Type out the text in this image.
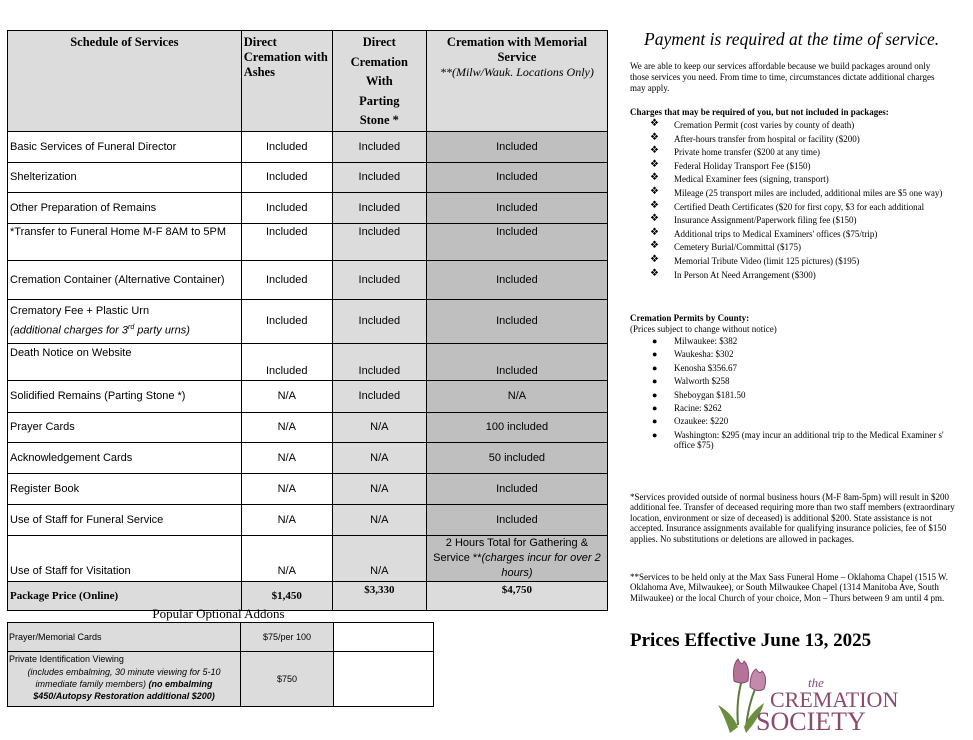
Schedule of Services	Direct Cremation with Ashes	Direct
Cremation
With
Parting
Stone *	Cremation with Memorial Service
**(Milw/Wauk. Locations Only)
Basic Services of Funeral Director	Included	Included	Included
Shelterization	Included	Included	Included
Other Preparation of Remains	Included	Included	Included
*Transfer to Funeral Home M-F 8AM to 5PM	Included	Included	Included
Cremation Container (Alternative Container)	Included	Included	Included

Crematory Fee + Plastic Urn
(additional charges for 3rd party urns)	Included	Included	Included
Death Notice on Website	Included	Included	Included
Solidified Remains (Parting Stone *)	N/A	Included	N/A
Prayer Cards	N/A	N/A	100 included
Acknowledgement Cards	N/A	N/A	50 included
Register Book	N/A	N/A	Included
Use of Staff for Funeral Service	N/A	N/A	Included
Use of Staff for Visitation	N/A	N/A	2 Hours Total for Gathering & Service **(charges incur for over 2 hours)
Package Price (Online)	$1,450	$3,330	$4,750
Popular Optional Addons
Prayer/Memorial Cards	$75/per 100	

Private Identification Viewing
(includes embalming, 30 minute viewing for 5-10 immediate family members) (no embalming $450/Autopsy Restoration additional $200)	$750	
Payment is required at the time of service.
We are able to keep our services affordable because we build packages around only those services you need. From time to time, circumstances dictate additional charges may apply.
Charges that may be required of you, but not included in packages:
❖ Cremation Permit (cost varies by county of death)
❖ After-hours transfer from hospital or facility ($200)
❖ Private home transfer ($200 at any time)
❖ Federal Holiday Transport Fee ($150)
❖ Medical Examiner fees (signing, transport)
❖ Mileage (25 transport miles are included, additional miles are $5 one way)
❖ Certified Death Certificates ($20 for first copy, $3 for each additional
❖ Insurance Assignment/Paperwork filing fee ($150)
❖ Additional trips to Medical Examiners' offices ($75/trip)
❖ Cemetery Burial/Committal ($175)
❖ Memorial Tribute Video (limit 125 pictures) ($195)
❖ In Person At Need Arrangement ($300)
Cremation Permits by County:
(Prices subject to change without notice)
● Milwaukee: $382
● Waukesha: $302
● Kenosha $356.67
● Walworth $258
● Sheboygan $181.50
● Racine: $262
● Ozaukee: $220
● Washington: $295 (may incur an additional trip to the Medical Examiner s' office $75)
*Services provided outside of normal business hours (M-F 8am-5pm) will result in $200 additional fee. Transfer of deceased requiring more than two staff members (extraordinary location, environment or size of deceased) is additional $200. State assistance is not accepted. Insurance assignments available for qualifying insurance policies, fee of $150 applies. No substitutions or deletions are allowed in packages.
**Services to be held only at the Max Sass Funeral Home – Oklahoma Chapel (1515 W. Oklahoma Ave, Milwaukee), or South Milwaukee Chapel (1314 Manitoba Ave, South Milwaukee) or the local Church of your choice, Mon – Thurs between 9 am until 4 pm.
Prices Effective June 13, 2025
the
CREMATION
SOCIETY
